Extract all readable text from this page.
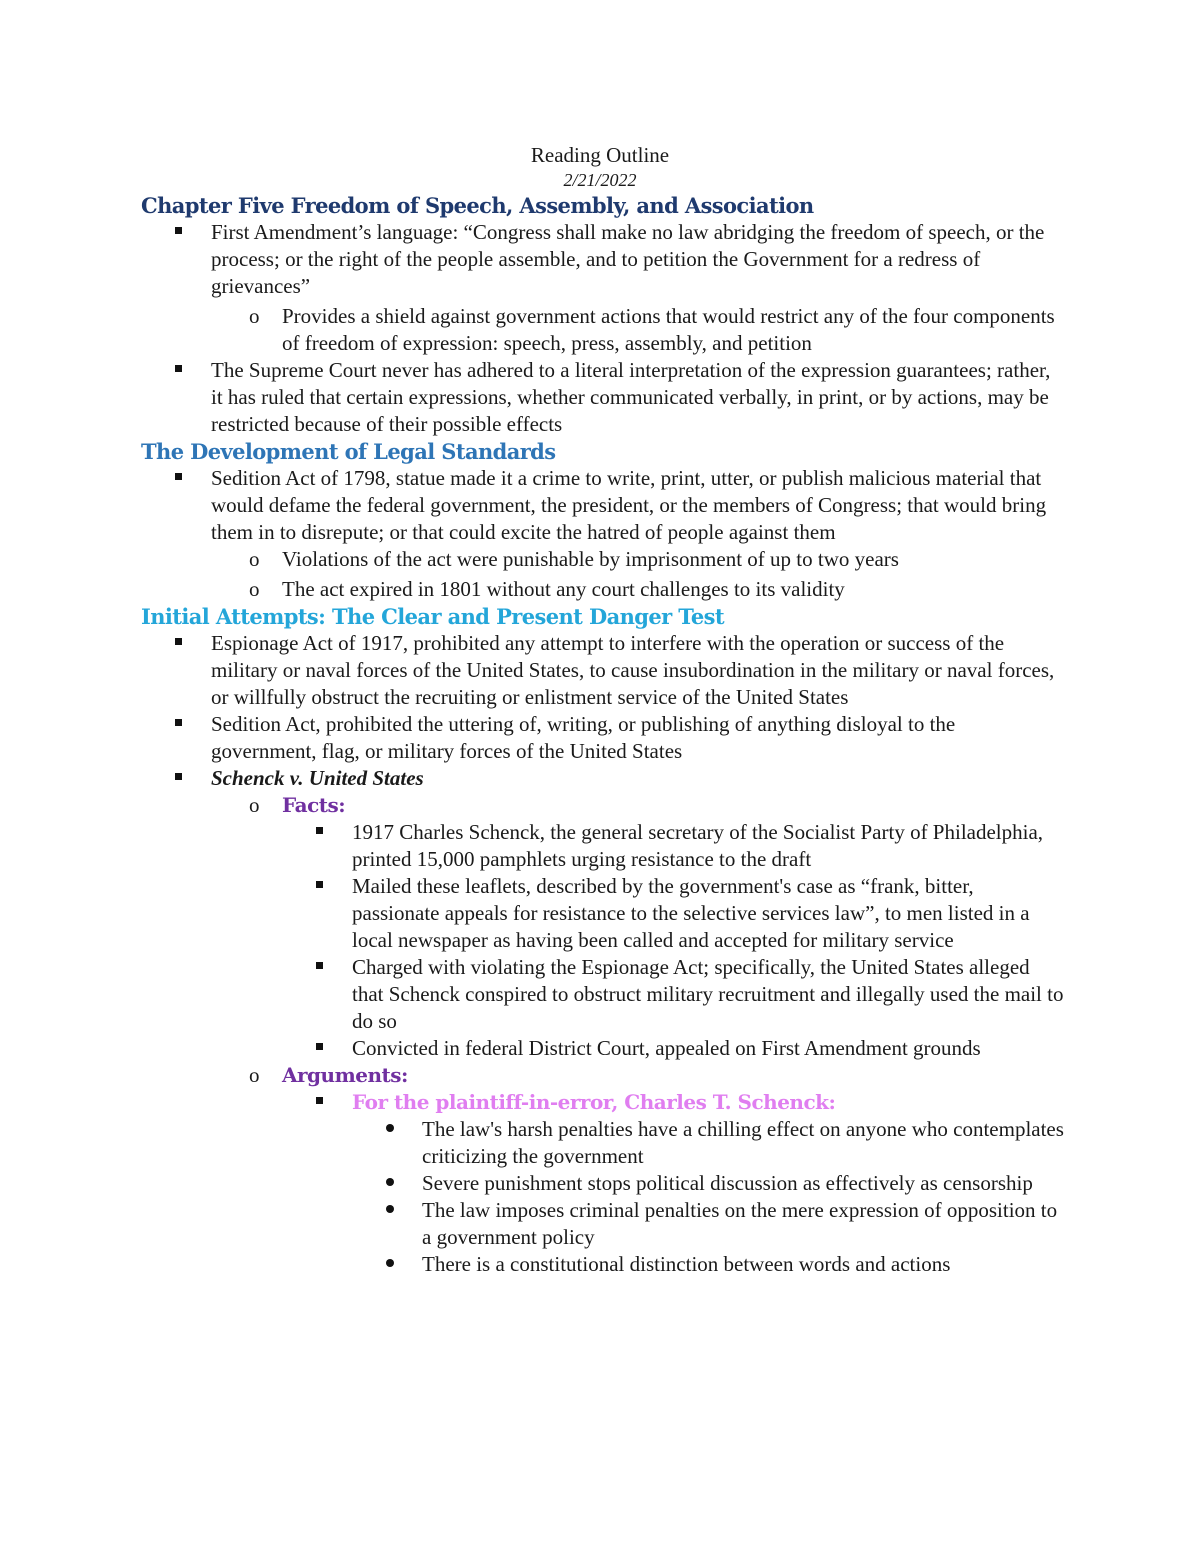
Reading Outline
2/21/2022
Chapter Five Freedom of Speech, Assembly, and Association
First Amendment’s language: “Congress shall make no law abridging the freedom of speech, or the process; or the right of the people assemble, and to petition the Government for a redress of grievances”
o Provides a shield against government actions that would restrict any of the four components of freedom of expression: speech, press, assembly, and petition
The Supreme Court never has adhered to a literal interpretation of the expression guarantees; rather, it has ruled that certain expressions, whether communicated verbally, in print, or by actions, may be restricted because of their possible effects
The Development of Legal Standards
Sedition Act of 1798, statue made it a crime to write, print, utter, or publish malicious material that would defame the federal government, the president, or the members of Congress; that would bring them in to disrepute; or that could excite the hatred of people against them
o Violations of the act were punishable by imprisonment of up to two years
o The act expired in 1801 without any court challenges to its validity
Initial Attempts: The Clear and Present Danger Test
Espionage Act of 1917, prohibited any attempt to interfere with the operation or success of the military or naval forces of the United States, to cause insubordination in the military or naval forces, or willfully obstruct the recruiting or enlistment service of the United States
Sedition Act, prohibited the uttering of, writing, or publishing of anything disloyal to the government, flag, or military forces of the United States
Schenck v. United States
o Facts:
1917 Charles Schenck, the general secretary of the Socialist Party of Philadelphia, printed 15,000 pamphlets urging resistance to the draft
Mailed these leaflets, described by the government's case as “frank, bitter, passionate appeals for resistance to the selective services law”, to men listed in a local newspaper as having been called and accepted for military service
Charged with violating the Espionage Act; specifically, the United States alleged that Schenck conspired to obstruct military recruitment and illegally used the mail to do so
Convicted in federal District Court, appealed on First Amendment grounds
o Arguments:
For the plaintiff-in-error, Charles T. Schenck:
The law's harsh penalties have a chilling effect on anyone who contemplates criticizing the government
Severe punishment stops political discussion as effectively as censorship
The law imposes criminal penalties on the mere expression of opposition to a government policy
There is a constitutional distinction between words and actions
